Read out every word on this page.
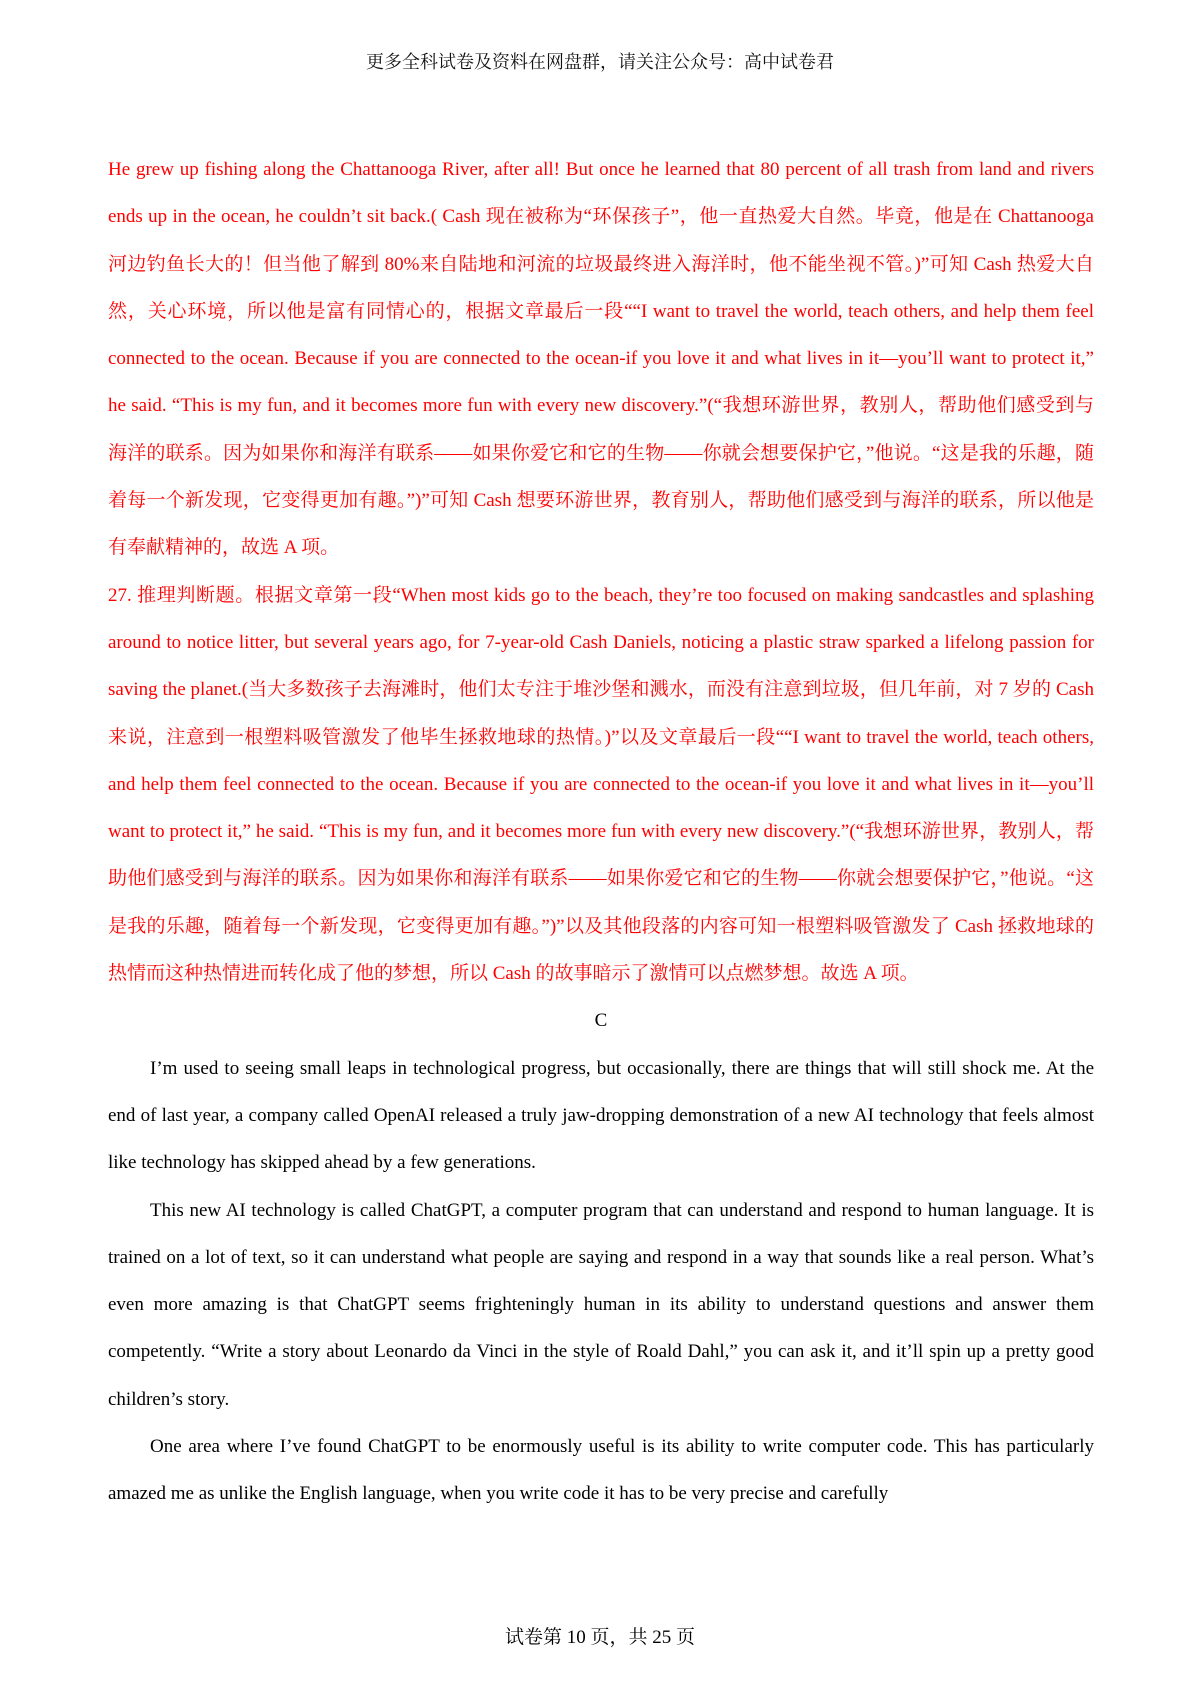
更多全科试卷及资料在网盘群，请关注公众号：高中试卷君

He grew up fishing along the Chattanooga River, after all! But once he learned that 80 percent of all trash from land and rivers ends up in the ocean, he couldn’t sit back.( Cash 现在被称为“环保孩子”，他一直热爱大自然。毕竟，他是在 Chattanooga 河边钓鱼长大的！但当他了解到 80%来自陆地和河流的垃圾最终进入海洋时，他不能坐视不管。)”可知 Cash 热爱大自然，关心环境，所以他是富有同情心的，根据文章最后一段““I want to travel the world, teach others, and help them feel connected to the ocean. Because if you are connected to the ocean-if you love it and what lives in it—you’ll want to protect it,” he said. “This is my fun, and it becomes more fun with every new discovery.”(“我想环游世界，教别人，帮助他们感受到与海洋的联系。因为如果你和海洋有联系——如果你爱它和它的生物——你就会想要保护它，”他说。“这是我的乐趣，随着每一个新发现，它变得更加有趣。”)”可知 Cash 想要环游世界，教育别人，帮助他们感受到与海洋的联系，所以他是有奉献精神的，故选 A 项。

27. 推理判断题。根据文章第一段“When most kids go to the beach, they’re too focused on making sandcastles and splashing around to notice litter, but several years ago, for 7-year-old Cash Daniels, noticing a plastic straw sparked a lifelong passion for saving the planet.(当大多数孩子去海滩时，他们太专注于堆沙堡和溅水，而没有注意到垃圾，但几年前，对 7 岁的 Cash 来说，注意到一根塑料吸管激发了他毕生拯救地球的热情。)”以及文章最后一段““I want to travel the world, teach others, and help them feel connected to the ocean. Because if you are connected to the ocean-if you love it and what lives in it—you’ll want to protect it,” he said. “This is my fun, and it becomes more fun with every new discovery.”(“我想环游世界，教别人，帮助他们感受到与海洋的联系。因为如果你和海洋有联系——如果你爱它和它的生物——你就会想要保护它，”他说。“这是我的乐趣，随着每一个新发现，它变得更加有趣。”)”以及其他段落的内容可知一根塑料吸管激发了 Cash 拯救地球的热情而这种热情进而转化成了他的梦想，所以 Cash 的故事暗示了激情可以点燃梦想。故选 A 项。

C

I’m used to seeing small leaps in technological progress, but occasionally, there are things that will still shock me. At the end of last year, a company called OpenAI released a truly jaw-dropping demonstration of a new AI technology that feels almost like technology has skipped ahead by a few generations.

This new AI technology is called ChatGPT, a computer program that can understand and respond to human language. It is trained on a lot of text, so it can understand what people are saying and respond in a way that sounds like a real person. What’s even more amazing is that ChatGPT seems frighteningly human in its ability to understand questions and answer them competently. “Write a story about Leonardo da Vinci in the style of Roald Dahl,” you can ask it, and it’ll spin up a pretty good children’s story.

One area where I’ve found ChatGPT to be enormously useful is its ability to write computer code. This has particularly amazed me as unlike the English language, when you write code it has to be very precise and carefully

试卷第 10 页，共 25 页
